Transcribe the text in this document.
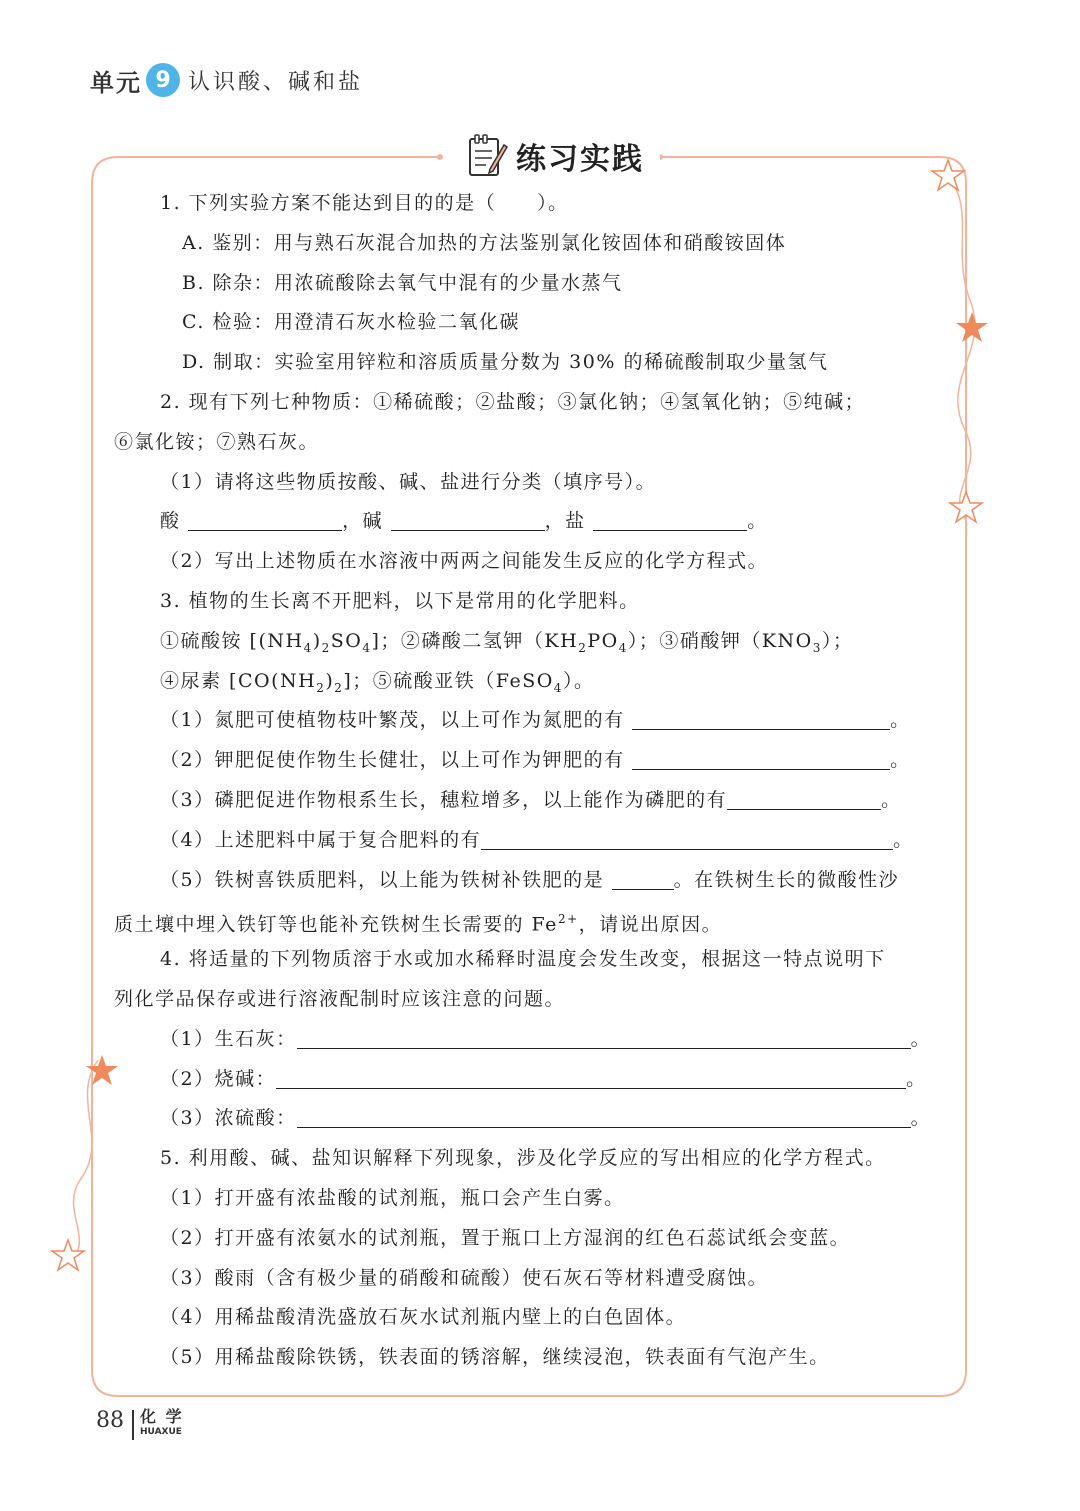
单元 9 认识酸、碱和盐
练习实践
1. 下列实验方案不能达到目的的是（　　）。
A. 鉴别：用与熟石灰混合加热的方法鉴别氯化铵固体和硝酸铵固体
B. 除杂：用浓硫酸除去氧气中混有的少量水蒸气
C. 检验：用澄清石灰水检验二氧化碳
D. 制取：实验室用锌粒和溶质质量分数为 30% 的稀硫酸制取少量氢气
2. 现有下列七种物质：①稀硫酸；②盐酸；③氯化钠；④氢氧化钠；⑤纯碱；
⑥氯化铵；⑦熟石灰。
（1）请将这些物质按酸、碱、盐进行分类（填序号）。
酸	，碱	，盐	。
（2）写出上述物质在水溶液中两两之间能发生反应的化学方程式。
3. 植物的生长离不开肥料，以下是常用的化学肥料。
①硫酸铵 $[(NH_4)_2SO_4]$；②磷酸二氢钾$(KH_2PO_4)$；③硝酸钾$(KNO_3)$；
④尿素 $[CO(NH_2)_2]$；⑤硫酸亚铁（FeSO$_4$）。
（1）氮肥可使植物枝叶繁茂，以上可作为氮肥的有	。
（2）钾肥促使作物生长健壮，以上可作为钾肥的有	。
（3）磷肥促进作物根系生长，穗粒增多，以上能作为磷肥的有	。
（4）上述肥料中属于复合肥料的有	。
（5）铁树喜铁质肥料，以上能为铁树补铁肥的是	。在铁树生长的微酸性沙
质土壤中埋入铁钉等也能补充铁树生长需要的 $Fe^{2+}$，请说出原因。
4. 将适量的下列物质溶于水或加水稀释时温度会发生改变，根据这一特点说明下
列化学品保存或进行溶液配制时应该注意的问题。
（1）生石灰：	。
（2）烧碱：	。
（3）浓硫酸：	。
5. 利用酸、碱、盐知识解释下列现象，涉及化学反应的写出相应的化学方程式。
（1）打开盛有浓盐酸的试剂瓶，瓶口会产生白雾。
（2）打开盛有浓氨水的试剂瓶，置于瓶口上方湿润的红色石蕊试纸会变蓝。
（3）酸雨（含有极少量的硝酸和硫酸）使石灰石等材料遭受腐蚀。
（4）用稀盐酸清洗盛放石灰水试剂瓶内壁上的白色固体。
（5）用稀盐酸除铁锈，铁表面的锈溶解，继续浸泡，铁表面有气泡产生。
88 化 学
HUAXUE
